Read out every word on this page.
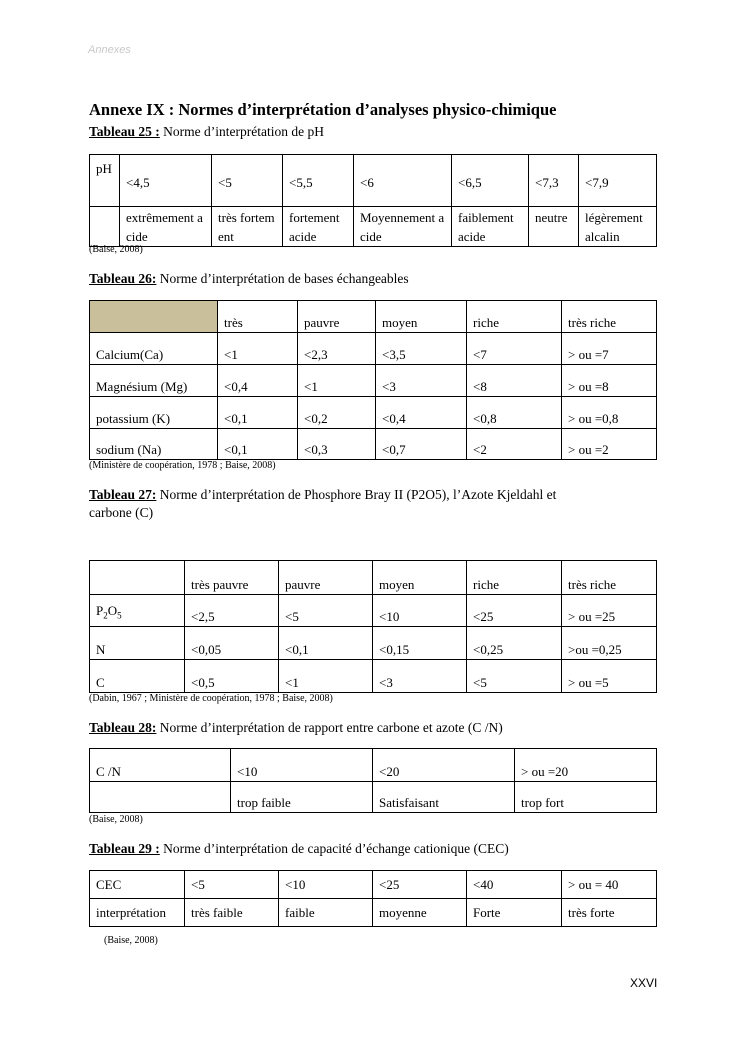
Annexes
Annexe IX : Normes d’interprétation d’analyses physico-chimique
Tableau 25 : Norme d’interprétation de pH
pH	<4,5	<5	<5,5	<6	<6,5	<7,3	<7,9
	extrêmement acide	très fortement	fortement acide	Moyennement acide	faiblement acide	neutre	légèrement alcalin
(Baise, 2008)
Tableau 26: Norme d’interprétation de bases échangeables
	très	pauvre	moyen	riche	très riche
Calcium(Ca)	<1	<2,3	<3,5	<7	> ou =7
Magnésium (Mg)	<0,4	<1	<3	<8	> ou =8
potassium (K)	<0,1	<0,2	<0,4	<0,8	> ou =0,8
sodium (Na)	<0,1	<0,3	<0,7	<2	> ou =2
(Ministère de coopération, 1978 ; Baise, 2008)
Tableau 27: Norme d’interprétation de Phosphore Bray II (P2O5), l’Azote Kjeldahl et
carbone (C)
	très pauvre	pauvre	moyen	riche	très riche
$P_2O_5$	<2,5	<5	<10	<25	> ou =25
N	<0,05	<0,1	<0,15	<0,25	>ou =0,25
C	<0,5	<1	<3	<5	> ou =5
(Dabin, 1967 ; Ministère de coopération, 1978 ; Baise, 2008)
Tableau 28: Norme d’interprétation de rapport entre carbone et azote (C /N)
C /N	<10	<20	> ou =20
	trop faible	Satisfaisant	trop fort
(Baise, 2008)
Tableau 29 : Norme d’interprétation de capacité d’échange cationique (CEC)
CEC	<5	<10	<25	<40	> ou = 40
interprétation	très faible	faible	moyenne	Forte	très forte
(Baise, 2008)
XXVI
